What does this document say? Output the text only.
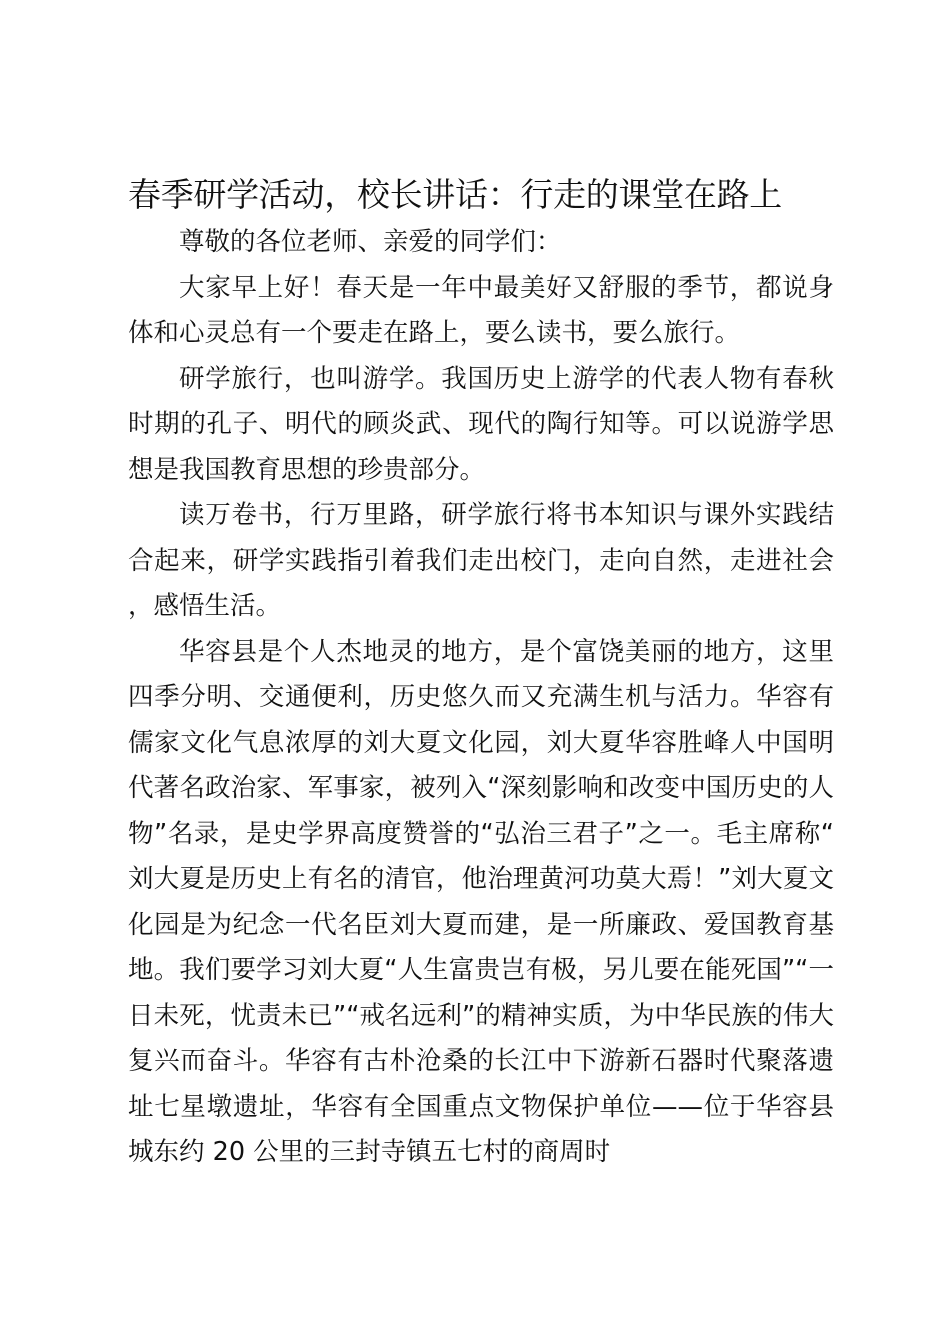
春季研学活动，校长讲话：行走的课堂在路上

尊敬的各位老师、亲爱的同学们：

大家早上好！春天是一年中最美好又舒服的季节，都说身体和心灵总有一个要走在路上，要么读书，要么旅行。

研学旅行，也叫游学。我国历史上游学的代表人物有春秋时期的孔子、明代的顾炎武、现代的陶行知等。可以说游学思想是我国教育思想的珍贵部分。

读万卷书，行万里路，研学旅行将书本知识与课外实践结合起来，研学实践指引着我们走出校门，走向自然，走进社会，感悟生活。

华容县是个人杰地灵的地方，是个富饶美丽的地方，这里四季分明、交通便利，历史悠久而又充满生机与活力。华容有儒家文化气息浓厚的刘大夏文化园，刘大夏华容胜峰人中国明代著名政治家、军事家，被列入“深刻影响和改变中国历史的人物”名录，是史学界高度赞誉的“弘治三君子”之一。毛主席称“刘大夏是历史上有名的清官，他治理黄河功莫大焉！”刘大夏文化园是为纪念一代名臣刘大夏而建，是一所廉政、爱国教育基地。我们要学习刘大夏“人生富贵岂有极，另儿要在能死国”“一日未死，忧责未已”“戒名远利”的精神实质，为中华民族的伟大复兴而奋斗。华容有古朴沧桑的长江中下游新石器时代聚落遗址七星墩遗址，华容有全国重点文物保护单位——位于华容县城东约 20 公里的三封寺镇五七村的商周时
